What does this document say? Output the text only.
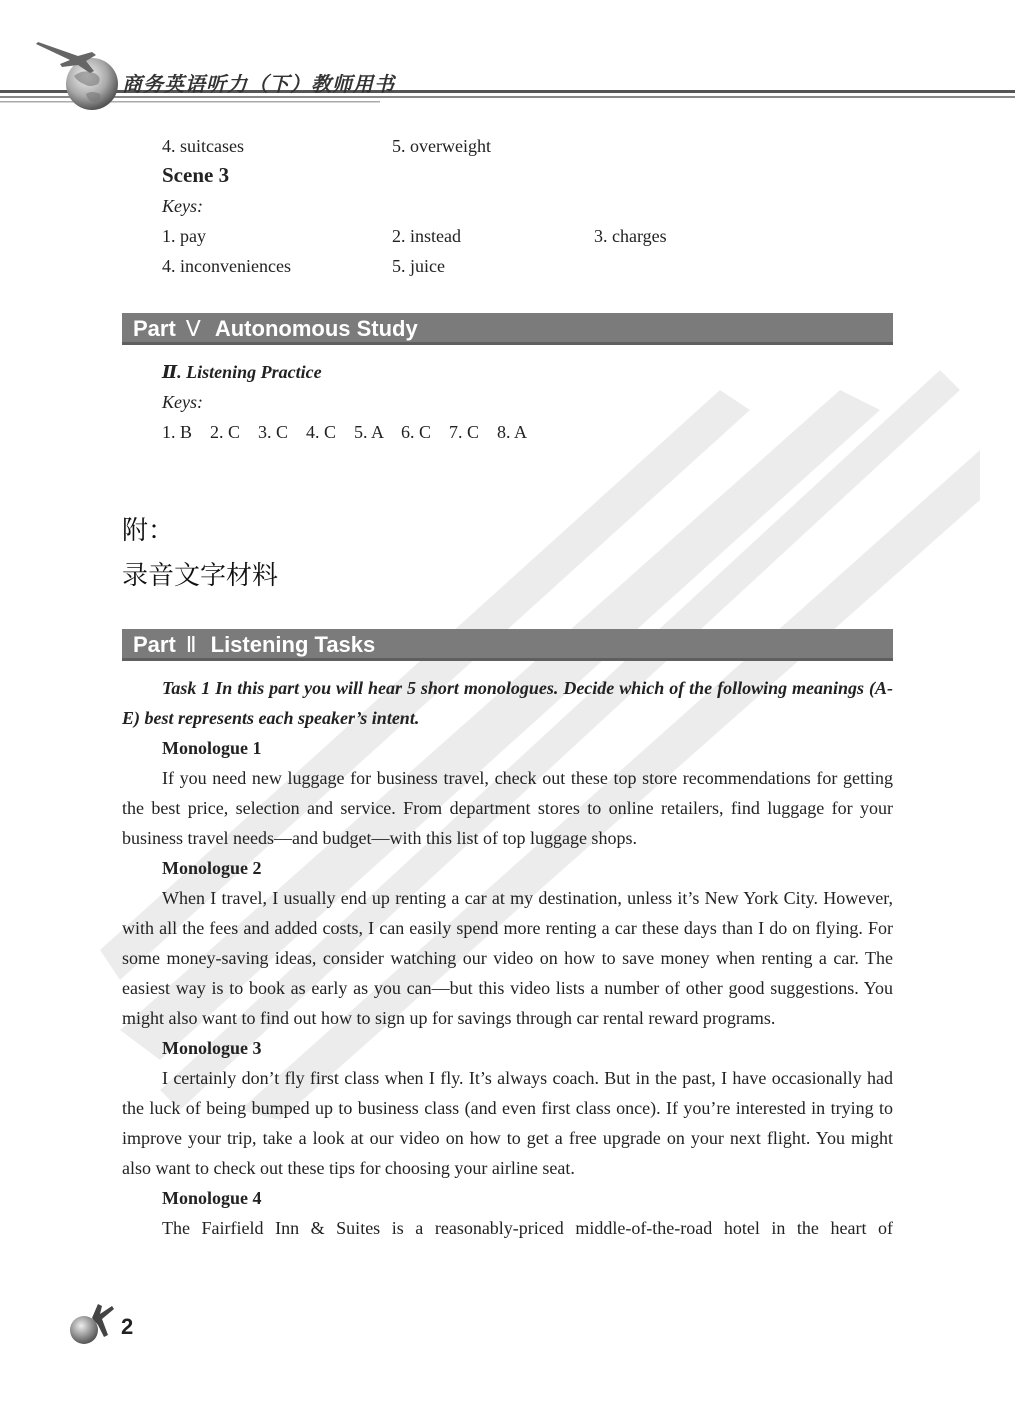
商务英语听力（下）教师用书
4. suitcases	5. overweight
Scene 3
Keys:
1. pay	2. instead	3. charges
4. inconveniences	5. juice
Part Ⅴ Autonomous Study
Ⅱ. Listening Practice
Keys:
1. B    2. C    3. C    4. C    5. A    6. C    7. C    8. A
附：
录音文字材料
Part Ⅱ Listening Tasks
Task 1 In this part you will hear 5 short monologues. Decide which of the following meanings (A-E) best represents each speaker’s intent.
Monologue 1
If you need new luggage for business travel, check out these top store recommendations for getting the best price, selection and service. From department stores to online retailers, find luggage for your business travel needs—and budget—with this list of top luggage shops.
Monologue 2
When I travel, I usually end up renting a car at my destination, unless it’s New York City. However, with all the fees and added costs, I can easily spend more renting a car these days than I do on flying. For some money-saving ideas, consider watching our video on how to save money when renting a car. The easiest way is to book as early as you can—but this video lists a number of other good suggestions. You might also want to find out how to sign up for savings through car rental reward programs.
Monologue 3
I certainly don’t fly first class when I fly. It’s always coach. But in the past, I have occasionally had the luck of being bumped up to business class (and even first class once). If you’re interested in trying to improve your trip, take a look at our video on how to get a free upgrade on your next flight. You might also want to check out these tips for choosing your airline seat.
Monologue 4
The Fairfield Inn & Suites is a reasonably-priced middle-of-the-road hotel in the heart of
2
